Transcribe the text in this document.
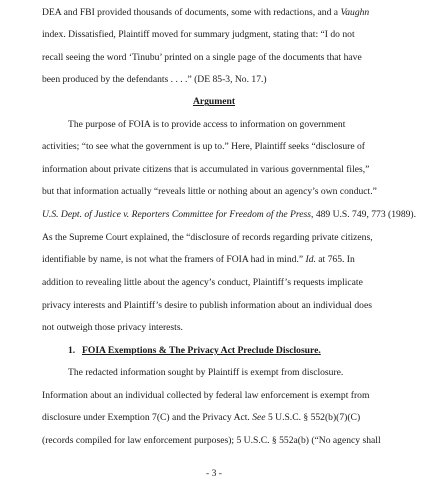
DEA and FBI provided thousands of documents, some with redactions, and a Vaughn
index. Dissatisfied, Plaintiff moved for summary judgment, stating that: “I do not
recall seeing the word ‘Tinubu’ printed on a single page of the documents that have
been produced by the defendants . . . .” (DE 85-3, No. 17.)
Argument
The purpose of FOIA is to provide access to information on government
activities; “to see what the government is up to.” Here, Plaintiff seeks “disclosure of
information about private citizens that is accumulated in various governmental files,”
but that information actually “reveals little or nothing about an agency’s own conduct.”
U.S. Dept. of Justice v. Reporters Committee for Freedom of the Press, 489 U.S. 749, 773 (1989).
As the Supreme Court explained, the “disclosure of records regarding private citizens,
identifiable by name, is not what the framers of FOIA had in mind.” Id. at 765. In
addition to revealing little about the agency’s conduct, Plaintiff’s requests implicate
privacy interests and Plaintiff’s desire to publish information about an individual does
not outweigh those privacy interests.
1. FOIA Exemptions & The Privacy Act Preclude Disclosure.
The redacted information sought by Plaintiff is exempt from disclosure.
Information about an individual collected by federal law enforcement is exempt from
disclosure under Exemption 7(C) and the Privacy Act. See 5 U.S.C. § 552(b)(7)(C)
(records compiled for law enforcement purposes); 5 U.S.C. § 552a(b) (“No agency shall
- 3 -
